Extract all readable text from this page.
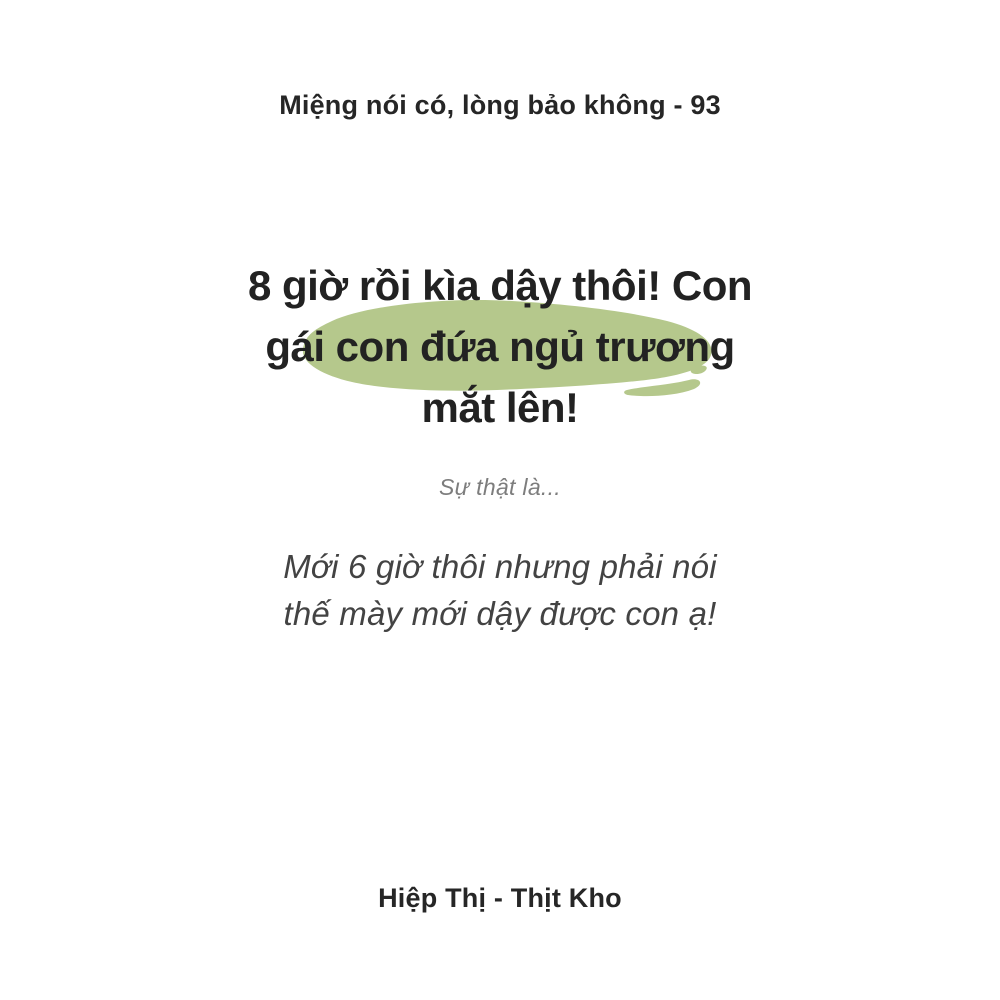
Miệng nói có, lòng bảo không - 93
8 giờ rồi kìa dậy thôi! Con
gái con đứa ngủ trương
mắt lên!
Sự thật là...
Mới 6 giờ thôi nhưng phải nói
thế mày mới dậy được con ạ!
Hiệp Thị - Thịt Kho
